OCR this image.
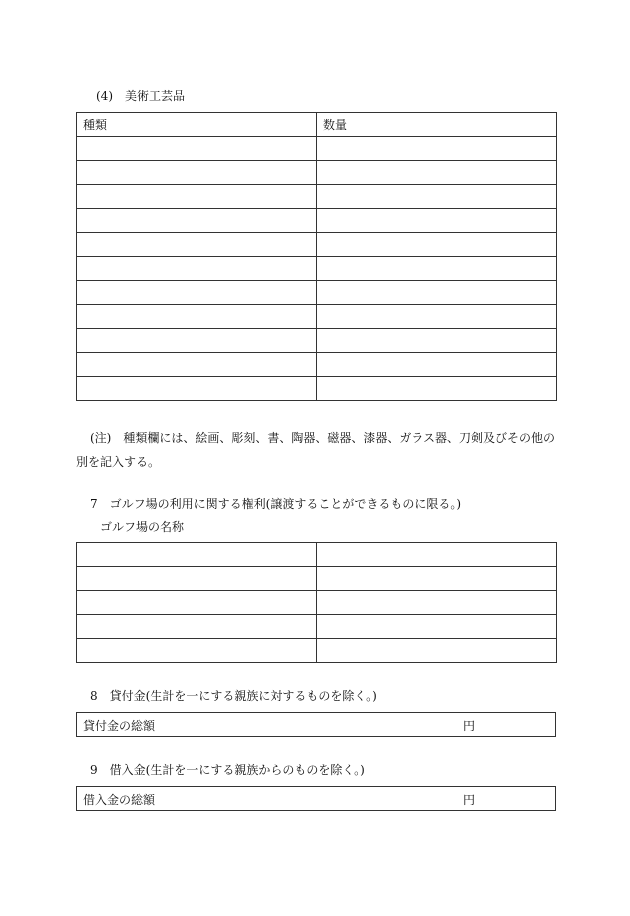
(4)　美術工芸品
種類	数量

(注)　種類欄には、絵画、彫刻、書、陶器、磁器、漆器、ガラス器、刀剣及びその他の
別を記入する。
7　ゴルフ場の利用に関する権利(譲渡することができるものに限る。)
ゴルフ場の名称

8　貸付金(生計を一にする親族に対するものを除く。)
貸付金の総額	円
9　借入金(生計を一にする親族からのものを除く。)
借入金の総額	円
